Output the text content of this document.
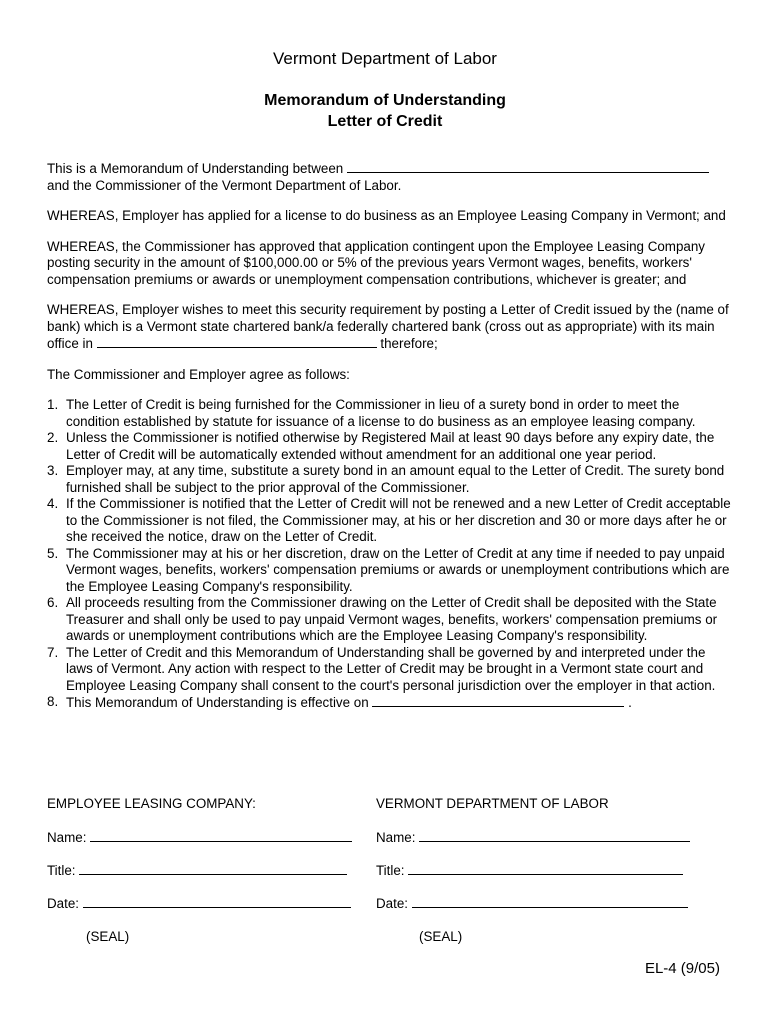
Vermont Department of Labor
Memorandum of Understanding
Letter of Credit
This is a Memorandum of Understanding between
and the Commissioner of the Vermont Department of Labor.
WHEREAS, Employer has applied for a license to do business as an Employee Leasing Company in Vermont; and
WHEREAS, the Commissioner has approved that application contingent upon the Employee Leasing Company posting security in the amount of $100,000.00 or 5% of the previous years Vermont wages, benefits, workers' compensation premiums or awards or unemployment compensation contributions, whichever is greater; and
WHEREAS, Employer wishes to meet this security requirement by posting a Letter of Credit issued by the (name of bank) which is a Vermont state chartered bank/a federally chartered bank (cross out as appropriate) with its main office in	therefore;
The Commissioner and Employer agree as follows:
1. The Letter of Credit is being furnished for the Commissioner in lieu of a surety bond in order to meet the condition established by statute for issuance of a license to do business as an employee leasing company.
2. Unless the Commissioner is notified otherwise by Registered Mail at least 90 days before any expiry date, the Letter of Credit will be automatically extended without amendment for an additional one year period.
3. Employer may, at any time, substitute a surety bond in an amount equal to the Letter of Credit. The surety bond furnished shall be subject to the prior approval of the Commissioner.
4. If the Commissioner is notified that the Letter of Credit will not be renewed and a new Letter of Credit acceptable to the Commissioner is not filed, the Commissioner may, at his or her discretion and 30 or more days after he or she received the notice, draw on the Letter of Credit.
5. The Commissioner may at his or her discretion, draw on the Letter of Credit at any time if needed to pay unpaid Vermont wages, benefits, workers' compensation premiums or awards or unemployment contributions which are the Employee Leasing Company's responsibility.
6. All proceeds resulting from the Commissioner drawing on the Letter of Credit shall be deposited with the State Treasurer and shall only be used to pay unpaid Vermont wages, benefits, workers' compensation premiums or awards or unemployment contributions which are the Employee Leasing Company's responsibility.
7. The Letter of Credit and this Memorandum of Understanding shall be governed by and interpreted under the laws of Vermont. Any action with respect to the Letter of Credit may be brought in a Vermont state court and Employee Leasing Company shall consent to the court's personal jurisdiction over the employer in that action.
8. This Memorandum of Understanding is effective on	.
EMPLOYEE LEASING COMPANY:	VERMONT DEPARTMENT OF LABOR
Name:	Name:
Title:	Title:
Date:	Date:
(SEAL)	(SEAL)
EL-4 (9/05)
